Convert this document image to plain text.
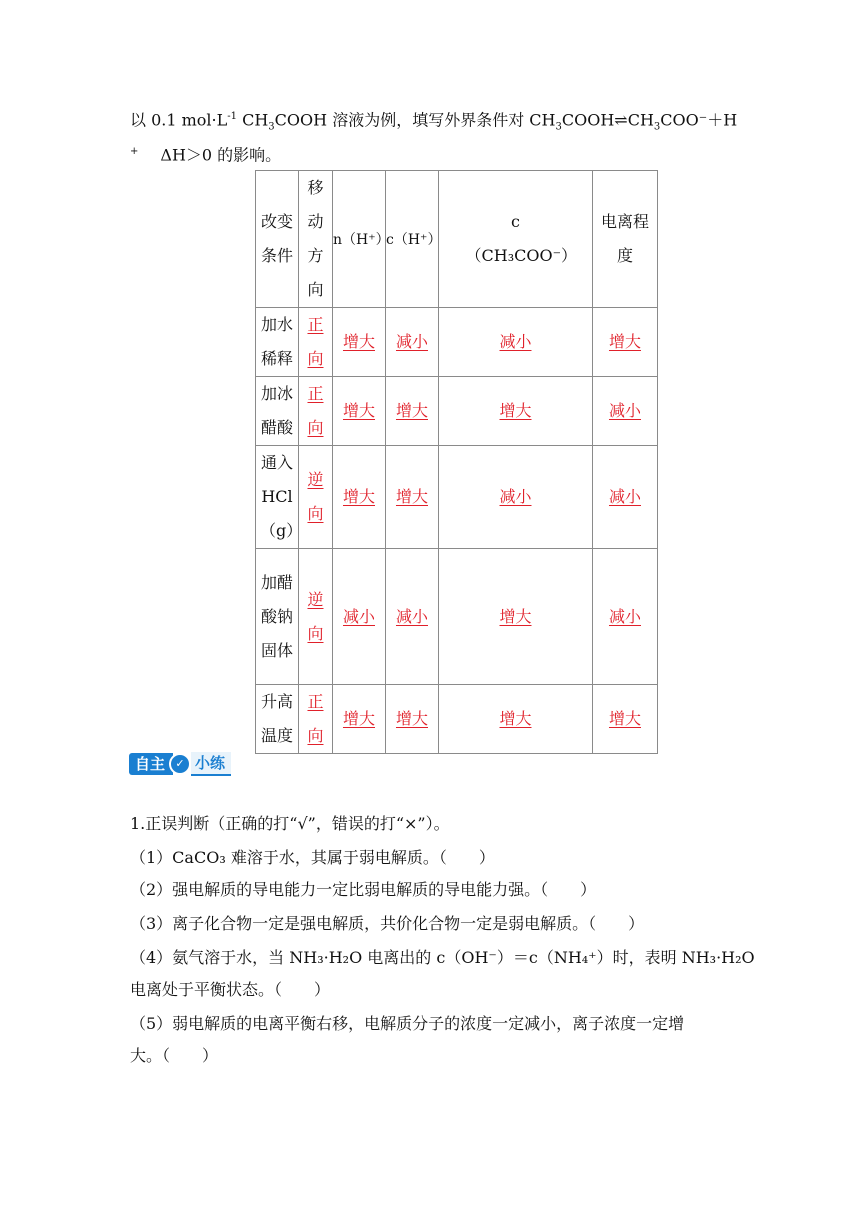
以 0.1 $mol\cdot L^{-1}$ $CH_3COOH$ 溶液为例，填写外界条件对 $CH_3COOH\rightleftharpoons CH_3COO^-+H$
+ ΔH＞0 的影响。
改变条件	移动方向	n（H⁺）	c（H⁺）	c（CH₃COO⁻）	电离程度
加水稀释	正向	增大	减小	减小	增大
加冰醋酸	正向	增大	增大	增大	减小
通入HCl（g）	逆向	增大	增大	减小	减小
加醋酸钠固体	逆向	减小	减小	增大	减小
升高温度	正向	增大	增大	增大	增大
自主 ✓ 小练
1.正误判断（正确的打“√”，错误的打“×”）。
（1）CaCO₃ 难溶于水，其属于弱电解质。（　　）
（2）强电解质的导电能力一定比弱电解质的导电能力强。（　　）
（3）离子化合物一定是强电解质，共价化合物一定是弱电解质。（　　）
（4）氨气溶于水，当 NH₃·H₂O 电离出的 c（OH⁻）＝c（NH₄⁺）时，表明 NH₃·H₂O
电离处于平衡状态。（　　）
（5）弱电解质的电离平衡右移，电解质分子的浓度一定减小，离子浓度一定增
大。（　　）
